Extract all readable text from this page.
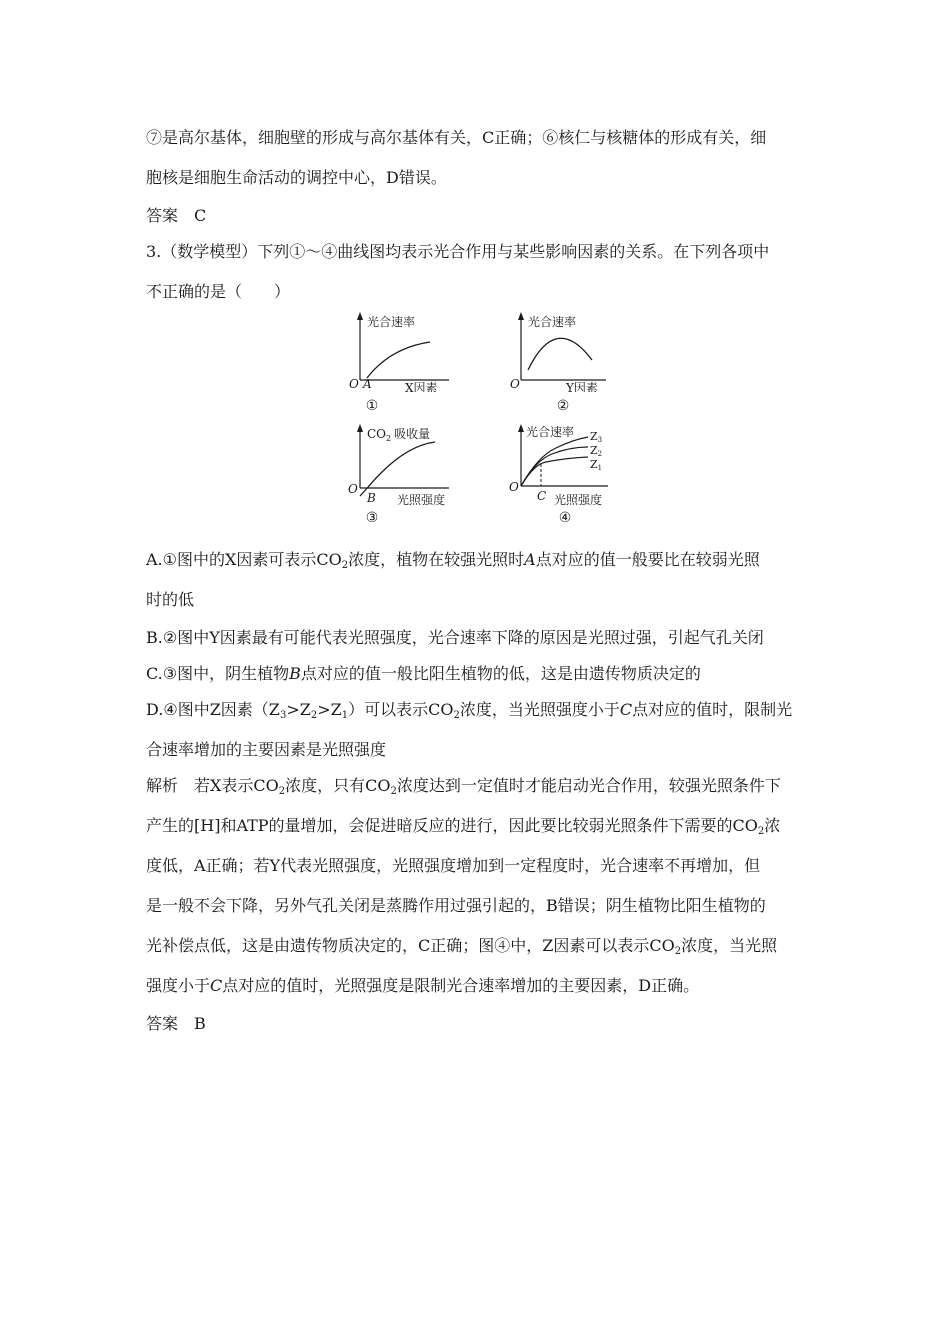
⑦是高尔基体，细胞壁的形成与高尔基体有关，C正确；⑥核仁与核糖体的形成有关，细
胞核是细胞生命活动的调控中心，D错误。
答案　C
3.（数学模型）下列①～④曲线图均表示光合作用与某些影响因素的关系。在下列各项中
不正确的是（　　）
光合速率
O A	X因素
①
光合速率
O	Y因素
②
$CO_2$ 吸收量
O
B 光照强度
③
光合速率 Z3
Z2
Z1
O
C 光照强度
④
A.①图中的X因素可表示$CO_2$浓度，植物在较强光照时A点对应的值一般要比在较弱光照
时的低
B.②图中Y因素最有可能代表光照强度，光合速率下降的原因是光照过强，引起气孔关闭
C.③图中，阴生植物B点对应的值一般比阳生植物的低，这是由遗传物质决定的
D.④图中Z因素$(Z_3>Z_2>Z_1)$可以表示$CO_2$浓度，当光照强度小于C点对应的值时，限制光
合速率增加的主要因素是光照强度
解析　若X表示$CO_2$浓度，只有$CO_2$浓度达到一定值时才能启动光合作用，较强光照条件下
产生的[H]和ATP的量增加，会促进暗反应的进行，因此要比较弱光照条件下需要的$CO_2$浓
度低，A正确；若Y代表光照强度，光照强度增加到一定程度时，光合速率不再增加，但
是一般不会下降，另外气孔关闭是蒸腾作用过强引起的，B错误；阴生植物比阳生植物的
光补偿点低，这是由遗传物质决定的，C正确；图④中，Z因素可以表示$CO_2$浓度，当光照
强度小于C点对应的值时，光照强度是限制光合速率增加的主要因素，D正确。
答案　B
